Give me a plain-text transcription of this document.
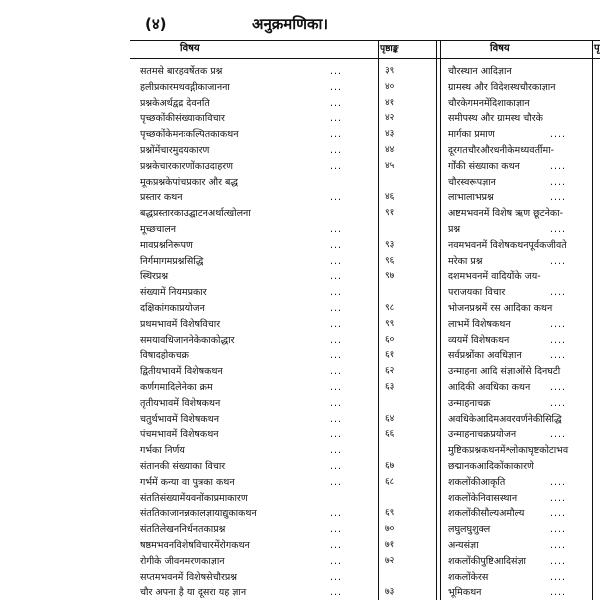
(४)	अनुक्रमणिका।
विषय	पृष्ठाङ्क	विषय	पृ
सतमसे बारहवर्षेतक प्रश्न	...	३९
हलीप्रकारमथवद्गीकाजानना	...	४०
प्रश्नकेअर्थद्वद्र देवनति	...	४१
पृच्छकोंकीसंख्याकाविचार	...	४२
पृच्छकोंकेमनःकल्पितकाकथन	...	४३
प्रश्नोंमेंचारमुदयकारण	...	४४
प्रश्नकेचारकारणोंकाउदाहरण	...	४५
मूकप्रश्नकेपांचप्रकार और बद्ध
प्रस्तार कथन	...	४६
बद्धप्रस्तारकाउद्घाटनअर्थात्खोलना	९१
मूच्छचालन	...
मावप्रश्ननिरूपण	...	९३
निर्गमागमप्रश्नसिद्धि	...	९६
स्थिरप्रश्न	...	९७
संख्यामें नियमप्रकार	...
दक्षिकांगकाप्रयोजन	...	९८
प्रथमभावमें विशेषविचार	...	९९
समयावधिजाननेकेकाकोद्धार	...	६०
विषादहोकचक्र	...	६१
द्वितीयभावमें विशेषकथन	...	६२
कर्णगमादिलेनेका क्रम	...	६३
तृतीयभावमें विशेषकथन	...
चतुर्थभावमें विशेषकथन	...	६४
पंचमभावमें विशेषकथन	...	६६
गर्भका निर्णय	...
संतानकी संख्याका विचार	...	६७
गर्भमें कन्या वा पुत्रका कथन	...	६८
संततिसंख्यामेंयवनोंकाप्रमाकारण
संततिकाजानन्नकालज्ञायाद्युकाकथन	...	६९
संततिलेखननिर्धनतकाप्रश्न	...	७०
षष्ठमभवनविशेषविचारमेंरोगकथन	...	७१
रोगीके जीवनमरणकाज्ञान	...	७२
सप्तमभवनमें विशेषसेचौरप्रश्न	...
चौर अपना है या दूसरा यह ज्ञान	...	७३
चौरस्थान आदिज्ञान
ग्रामस्थ और विदेशस्थचौरकाज्ञान
चौरकेगमनमेंदिशाकाज्ञान
समीपस्थ और ग्रामस्थ चौरके
मार्गका प्रमाण	....
दूरगतचौरऔरधनीकेमध्यवर्तीमा-
र्गोंकी संख्याका कथन	....
चौरस्वरूपज्ञान	....
लाभालाभप्रश्न	....
अष्टमभवनमें विशेष ऋण छूटनेका-
प्रश्न	....
नवमभवनमें विशेषकथनपूर्वकजीवते
मरेका प्रश्न	....
दशमभवनमें वादियोंके जय-
पराजयका विचार	....
भोजनप्रश्नमें रस आदिका कथन
लाभमें विशेषकथन	....
व्ययमें विशेषकथन	....
सर्वप्रश्नोंका अवधिज्ञान	....
उन्माहना आदि संज्ञाओंसे दिनघटी
आदिकी अवधिका कथन	....
उन्माहनाचक्र	....
अवधिकेआदिमअवरवर्णनेकीसिद्धि
उन्माहनाचक्रप्रयोजन	....
मुष्टिकप्रश्नकथनमेंश्लोकाघृष्टकोटाभव
छद्मानकआदिकोंकाकारणे
शकलोंकीआकृति	....
शकलोंकेनिवासस्थान	....
शकलोंकीसौल्यअमौल्य	....
लघुलघुशुक्ल	....
अन्यसंज्ञा	....
शकलोंकीपुष्टिआदिसंज्ञा	....
शकलोंकेरस	....
भूमिकथन	....
